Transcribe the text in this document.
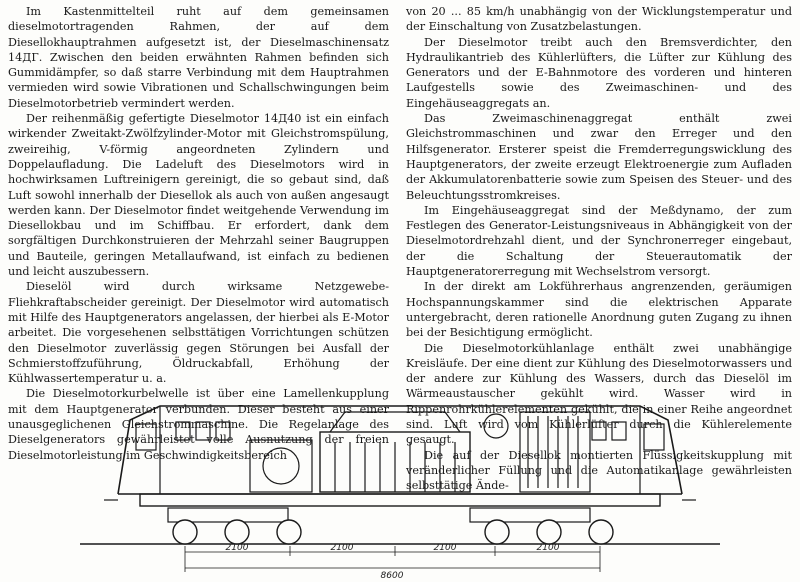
Im Kastenmittelteil ruht auf dem gemeinsamen dieselmotortragenden Rahmen, der auf dem Diesellokhauptrahmen aufgesetzt ist, der Dieselmaschinensatz 14ДГ. Zwischen den beiden erwähnten Rahmen befinden sich Gummidämpfer, so daß starre Verbindung mit dem Hauptrahmen vermieden wird sowie Vibrationen und Schallschwingungen beim Dieselmotorbetrieb vermindert werden.

Der reihenmäßig gefertigte Dieselmotor 14Д40 ist ein einfach wirkender Zweitakt-Zwölfzylinder-Motor mit Gleichstromspülung, zweireihig, V-förmig angeordneten Zylindern und Doppelaufladung. Die Ladeluft des Dieselmotors wird in hochwirksamen Luftreinigern gereinigt, die so gebaut sind, daß Luft sowohl innerhalb der Diesellok als auch von außen angesaugt werden kann. Der Dieselmotor findet weitgehende Verwendung im Diesellokbau und im Schiffbau. Er erfordert, dank dem sorgfältigen Durchkonstruieren der Mehrzahl seiner Baugruppen und Bauteile, geringen Metallaufwand, ist einfach zu bedienen und leicht auszubessern.

Dieselöl wird durch wirksame Netzgewebe-Fliehkraftabscheider gereinigt. Der Dieselmotor wird automatisch mit Hilfe des Hauptgenerators angelassen, der hierbei als E-Motor arbeitet. Die vorgesehenen selbsttätigen Vorrichtungen schützen den Dieselmotor zuverlässig gegen Störungen bei Ausfall der Schmierstoffzuführung, Öldruckabfall, Erhöhung der Kühlwassertemperatur u. a.

Die Dieselmotorkurbelwelle ist über eine Lamellenkupplung mit dem Hauptgenerator verbunden. Dieser besteht aus einer unausgeglichenen Gleichstrommaschine. Die Regelanlage des Dieselgenerators gewährleistet volle Ausnutzung der freien Dieselmotorleistung im Geschwindigkeitsbereich

von 20 ... 85 km/h unabhängig von der Wicklungstemperatur und der Einschaltung von Zusatzbelastungen.

Der Dieselmotor treibt auch den Bremsverdichter, den Hydraulikantrieb des Kühlerlüfters, die Lüfter zur Kühlung des Generators und der E-Bahnmotore des vorderen und hinteren Laufgestells sowie des Zweimaschinen- und des Eingehäuseaggregats an.

Das Zweimaschinenaggregat enthält zwei Gleichstrommaschinen und zwar den Erreger und den Hilfsgenerator. Ersterer speist die Fremderregungswicklung des Hauptgenerators, der zweite erzeugt Elektroenergie zum Aufladen der Akkumulatorenbatterie sowie zum Speisen des Steuer- und des Beleuchtungsstromkreises.

Im Eingehäuseaggregat sind der Meßdynamo, der zum Festlegen des Generator-Leistungsniveaus in Abhängigkeit von der Dieselmotordrehzahl dient, und der Synchronerreger eingebaut, der die Schaltung der Steuerautomatik der Hauptgeneratorerregung mit Wechselstrom versorgt.

In der direkt am Lokführerhaus angrenzenden, geräumigen Hochspannungskammer sind die elektrischen Apparate untergebracht, deren rationelle Anordnung guten Zugang zu ihnen bei der Besichtigung ermöglicht.

Die Dieselmotorkühlanlage enthält zwei unabhängige Kreisläufe. Der eine dient zur Kühlung des Dieselmotorwassers und der andere zur Kühlung des Wassers, durch das Dieselöl im Wärmeaustauscher gekühlt wird. Wasser wird in Rippenrohrkühlerelementen gekühlt, die in einer Reihe angeordnet sind. Luft wird vom Kühlerlüfter durch die Kühlerelemente gesaugt.

Die auf der Diesellok montierten Flüssigkeitskupplung mit veränderlicher Füllung und die Automatikanlage gewährleisten selbsttätige Ände-

2100	2100	2100	2100
8600
